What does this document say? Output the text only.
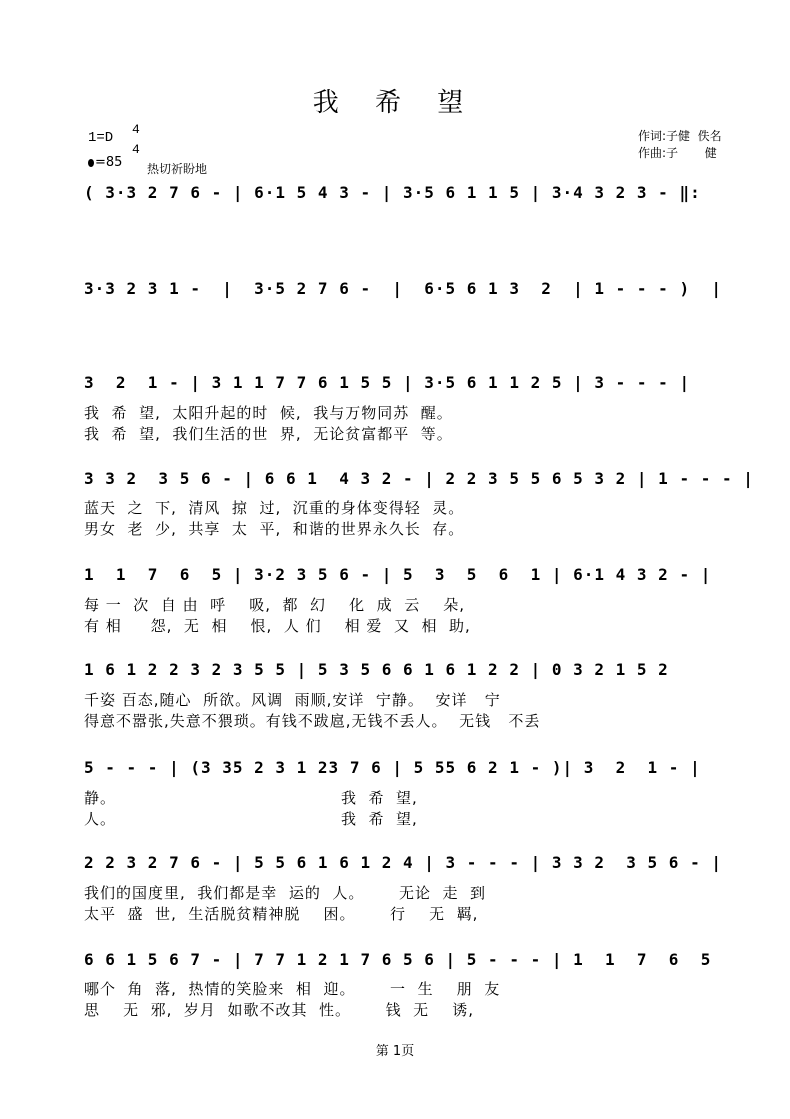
我 希 望
1=D
4
4
=85 热切祈盼地
作词:子健  佚名
作曲:子       健
( 3·3 2 7 6 - | 6·1 5 4 3 - | 3·5 6 1 1 5 | 3·4 3 2 3 - ‖:
3·3 2 3 1 -  |  3·5 2 7 6 -  |  6·5 6 1 3  2  | 1 - - - )  |
3  2  1 - | 3 1 1 7 7 6 1 5 5 | 3·5 6 1 1 2 5 | 3 - - - |
我  希  望,  太阳升起的时  候,  我与万物同苏  醒。
我  希  望,  我们生活的世  界,  无论贫富都平  等。
3 3 2  3 5 6 - | 6 6 1  4 3 2 - | 2 2 3 5 5 6 5 3 2 | 1 - - - |
蓝天  之  下,  清风  掠  过,  沉重的身体变得轻  灵。
男女  老  少,  共享  太  平,  和谐的世界永久长  存。
1  1  7  6  5 | 3·2 3 5 6 - | 5  3  5  6  1 | 6·1 4 3 2 - |
每 一  次  自 由  呼    吸,  都  幻    化  成  云    朵,
有 相     怨,  无  相    恨,  人 们    相 爱  又  相  助,
1 6 1 2 2 3 2 3 5 5 | 5 3 5 6 6 1 6 1 2 2 | 0 3 2 1 5 2
千姿 百态,随心  所欲。风调  雨顺,安详  宁静。  安详   宁
得意不嚣张,失意不猥琐。有钱不跋扈,无钱不丢人。  无钱   不丢
5 - - - | (3 35 2 3 1 23 7 6 | 5 55 6 2 1 - )| 3  2  1 - |
静。                                       我  希  望,
人。                                       我  希  望,
2 2 3 2 7 6 - | 5 5 6 1 6 1 2 4 | 3 - - - | 3 3 2  3 5 6 - |
我们的国度里,  我们都是幸  运的  人。      无论  走  到
太平  盛  世,  生活脱贫精神脱    困。      行    无  羁,
6 6 1 5 6 7 - | 7 7 1 2 1 7 6 5 6 | 5 - - - | 1  1  7  6  5
哪个  角  落,  热情的笑脸来  相  迎。      一  生    朋  友
思    无  邪,  岁月  如歌不改其  性。      钱  无    诱,
第 1页
